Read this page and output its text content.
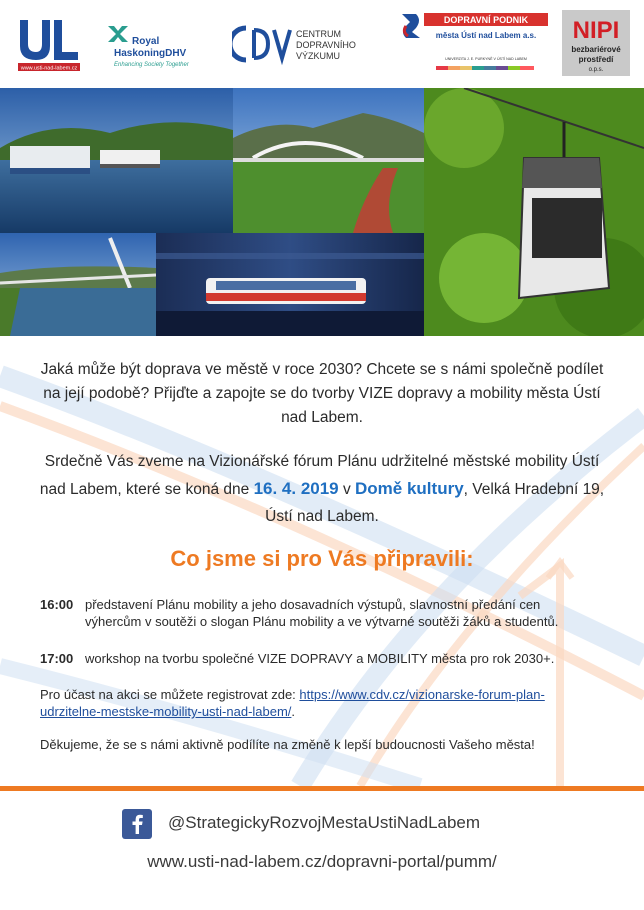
www.usti-nad-labem.cz
Royal
HaskoningDHV
Enhancing Society Together
CENTRUM
DOPRAVNÍHO
VÝZKUMU
DOPRAVNÍ PODNIK
města Ústí nad Labem a.s.
UNIVERZITA J. E. PURKYNĚ V ÚSTÍ NAD LABEM
NIPI
bezbariérové
prostředí
o.p.s.
Jaká může být doprava ve městě v roce 2030? Chcete se s námi společně podílet na její podobě? Přijďte a zapojte se do tvorby VIZE dopravy a mobility města Ústí nad Labem.
Srdečně Vás zveme na Vizionářské fórum Plánu udržitelné městské mobility Ústí nad Labem, které se koná dne 16. 4. 2019 v Domě kultury, Velká Hradební 19, Ústí nad Labem.
Co jsme si pro Vás připravili:
16:00 představení Plánu mobility a jeho dosavadních výstupů, slavnostní předání cen výhercům v soutěži o slogan Plánu mobility a ve výtvarné soutěži žáků a studentů.
17:00 workshop na tvorbu společné VIZE DOPRAVY a MOBILITY města pro rok 2030+.
Pro účast na akci se můžete registrovat zde: https://www.cdv.cz/vizionarske-forum-plan-udrzitelne-mestske-mobility-usti-nad-labem/.
Děkujeme, že se s námi aktivně podílíte na změně k lepší budoucnosti Vašeho města!
@StrategickyRozvojMestaUstiNadLabem
www.usti-nad-labem.cz/dopravni-portal/pumm/
